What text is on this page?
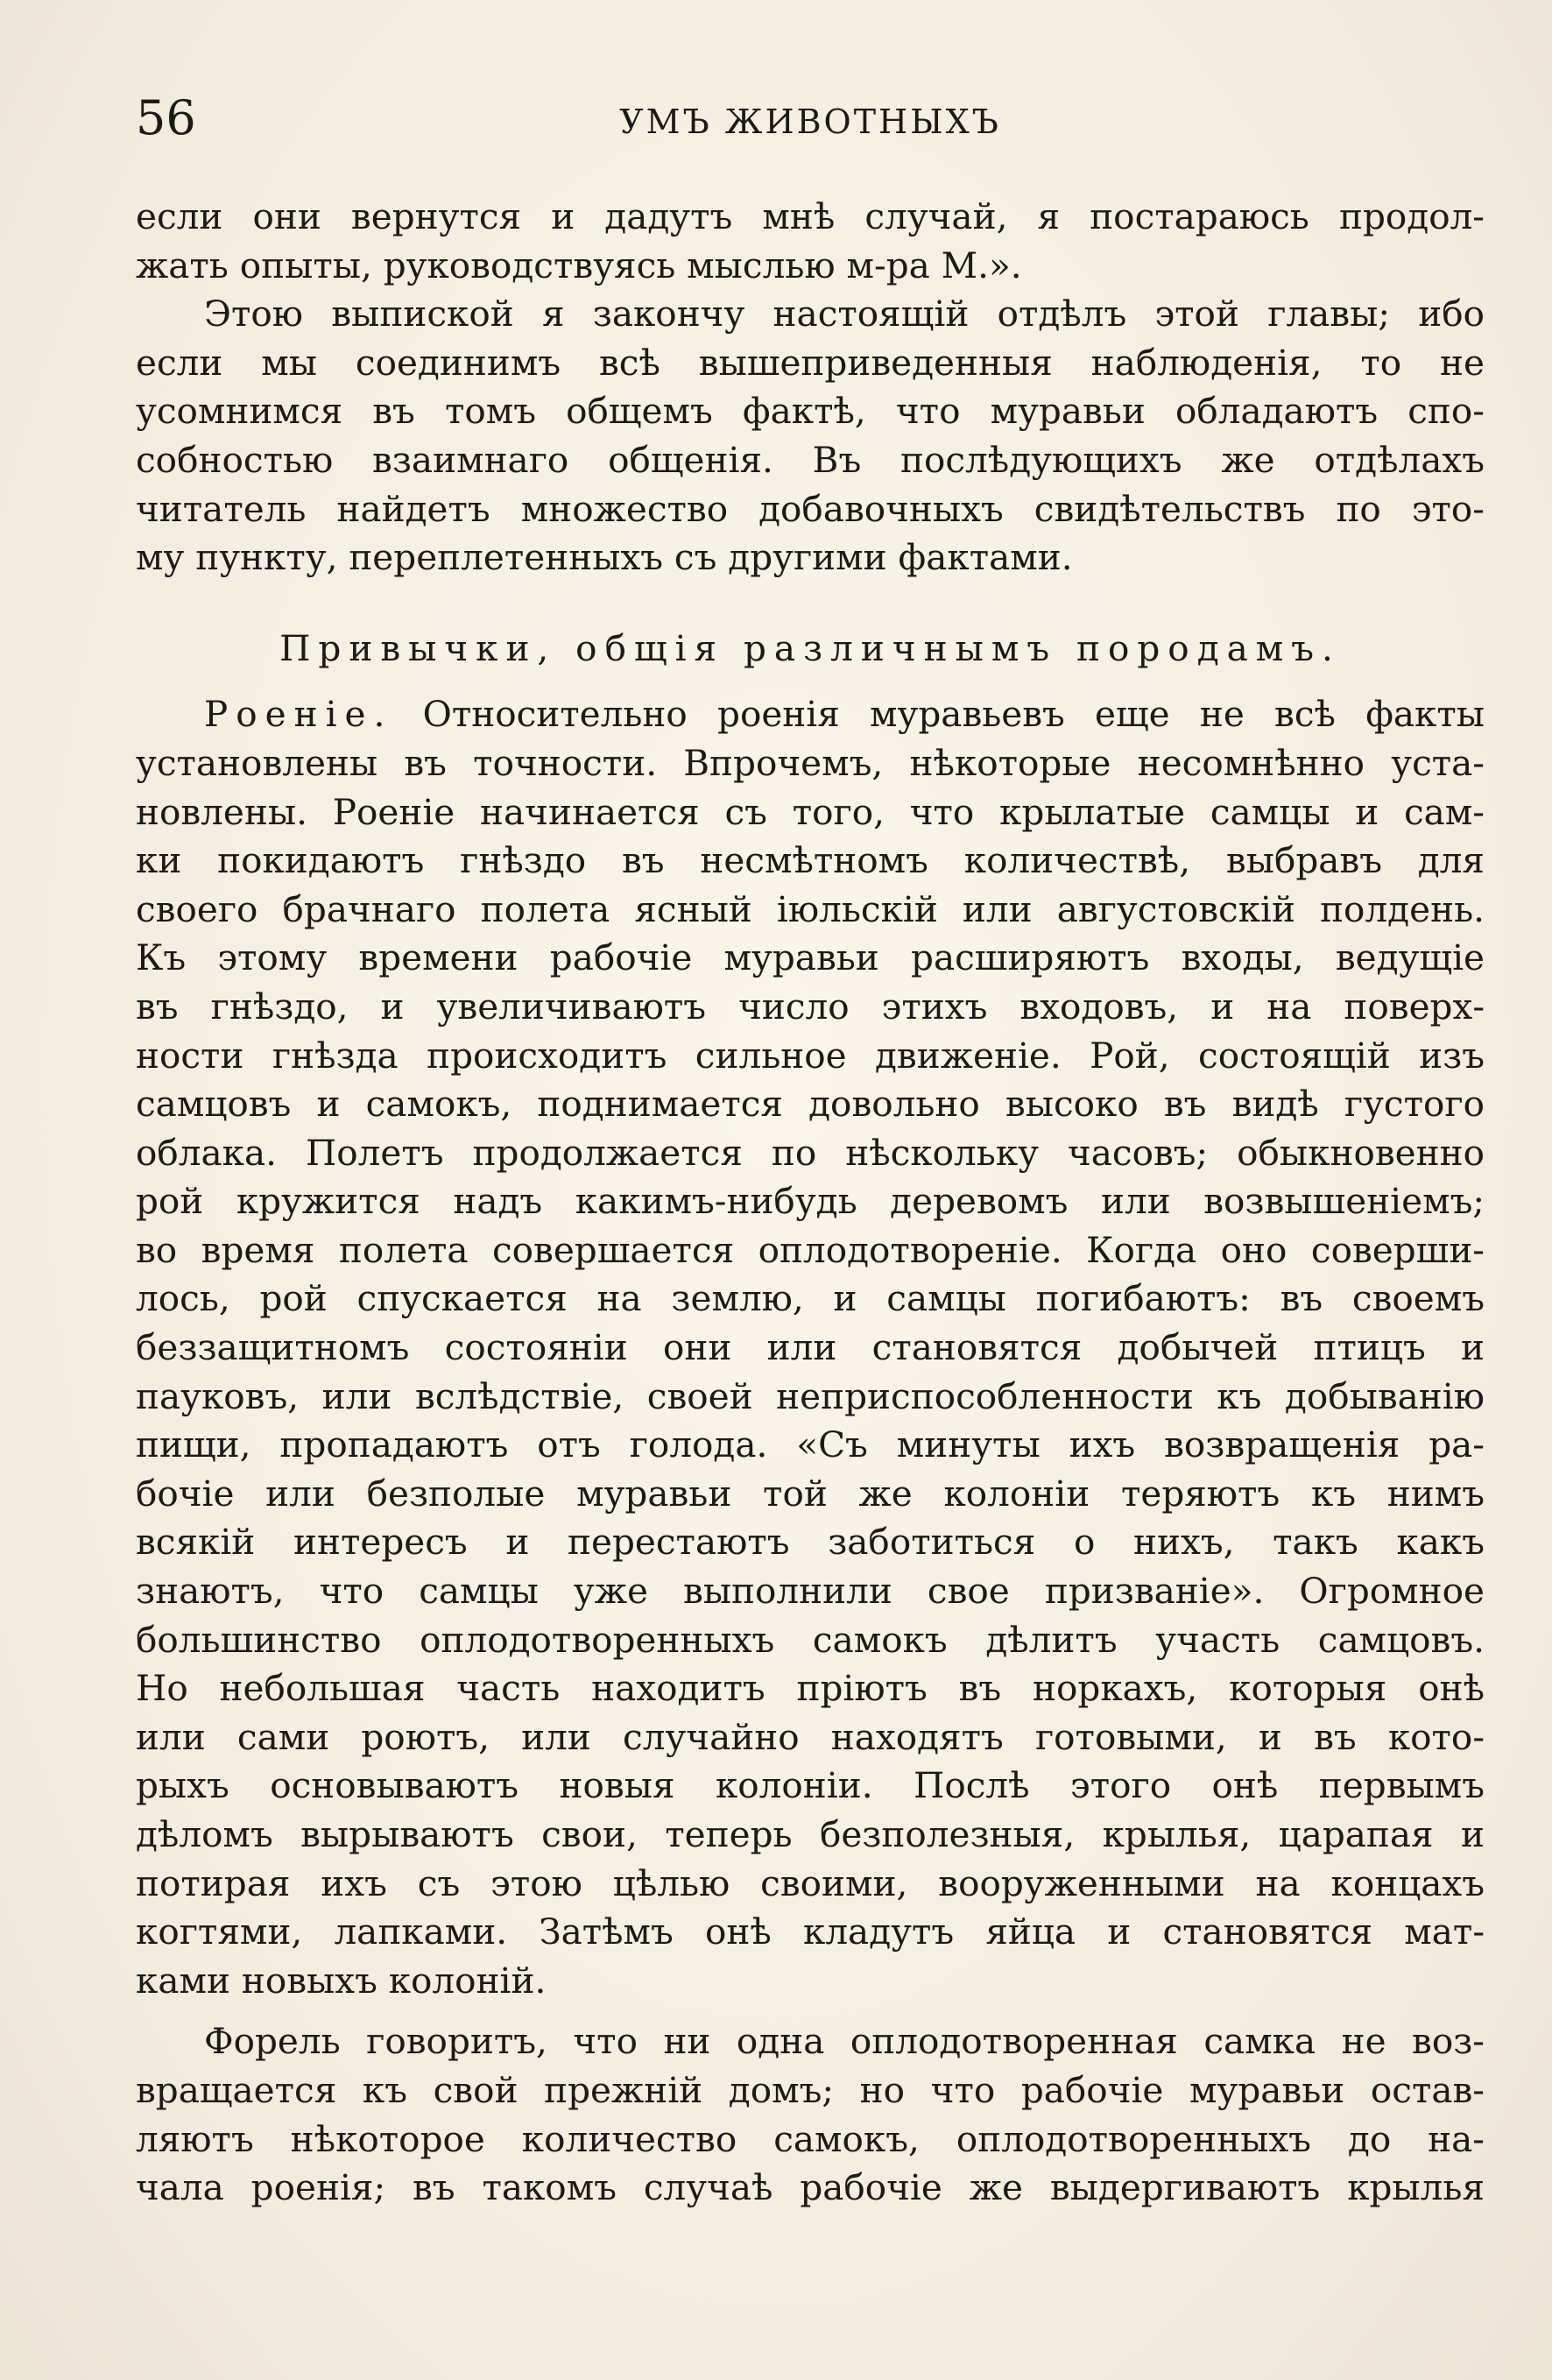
56	УМЪ ЖИВОТНЫХЪ
если они вернутся и дадутъ мнѣ случай, я постараюсь продол-
жать опыты, руководствуясь мыслью м-ра М.».
Этою выпиской я закончу настоящій отдѣлъ этой главы; ибо
если мы соединимъ всѣ вышеприведенныя наблюденія, то не
усомнимся въ томъ общемъ фактѣ, что муравьи обладаютъ спо-
собностью взаимнаго общенія. Въ послѣдующихъ же отдѣлахъ
читатель найдетъ множество добавочныхъ свидѣтельствъ по это-
му пункту, переплетенныхъ съ другими фактами.
Привычки, общія различнымъ породамъ.
Роеніе. Относительно роенія муравьевъ еще не всѣ факты
установлены въ точности. Впрочемъ, нѣкоторые несомнѣнно уста-
новлены. Роеніе начинается съ того, что крылатые самцы и сам-
ки покидаютъ гнѣздо въ несмѣтномъ количествѣ, выбравъ для
своего брачнаго полета ясный іюльскій или августовскій полдень.
Къ этому времени рабочіе муравьи расширяютъ входы, ведущіе
въ гнѣздо, и увеличиваютъ число этихъ входовъ, и на поверх-
ности гнѣзда происходитъ сильное движеніе. Рой, состоящій изъ
самцовъ и самокъ, поднимается довольно высоко въ видѣ густого
облака. Полетъ продолжается по нѣскольку часовъ; обыкновенно
рой кружится надъ какимъ-нибудь деревомъ или возвышеніемъ;
во время полета совершается оплодотвореніе. Когда оно соверши-
лось, рой спускается на землю, и самцы погибаютъ: въ своемъ
беззащитномъ состояніи они или становятся добычей птицъ и
пауковъ, или вслѣдствіе, своей неприспособленности къ добыванію
пищи, пропадаютъ отъ голода. «Съ минуты ихъ возвращенія ра-
бочіе или безполые муравьи той же колоніи теряютъ къ нимъ
всякій интересъ и перестаютъ заботиться о нихъ, такъ какъ
знаютъ, что самцы уже выполнили свое призваніе». Огромное
большинство оплодотворенныхъ самокъ дѣлитъ участь самцовъ.
Но небольшая часть находитъ пріютъ въ норкахъ, которыя онѣ
или сами роютъ, или случайно находятъ готовыми, и въ кото-
рыхъ основываютъ новыя колоніи. Послѣ этого онѣ первымъ
дѣломъ вырываютъ свои, теперь безполезныя, крылья, царапая и
потирая ихъ съ этою цѣлью своими, вооруженными на концахъ
когтями, лапками. Затѣмъ онѣ кладутъ яйца и становятся мат-
ками новыхъ колоній.
Форель говоритъ, что ни одна оплодотворенная самка не воз-
вращается къ свой прежній домъ; но что рабочіе муравьи остав-
ляютъ нѣкоторое количество самокъ, оплодотворенныхъ до на-
чала роенія; въ такомъ случаѣ рабочіе же выдергиваютъ крылья
